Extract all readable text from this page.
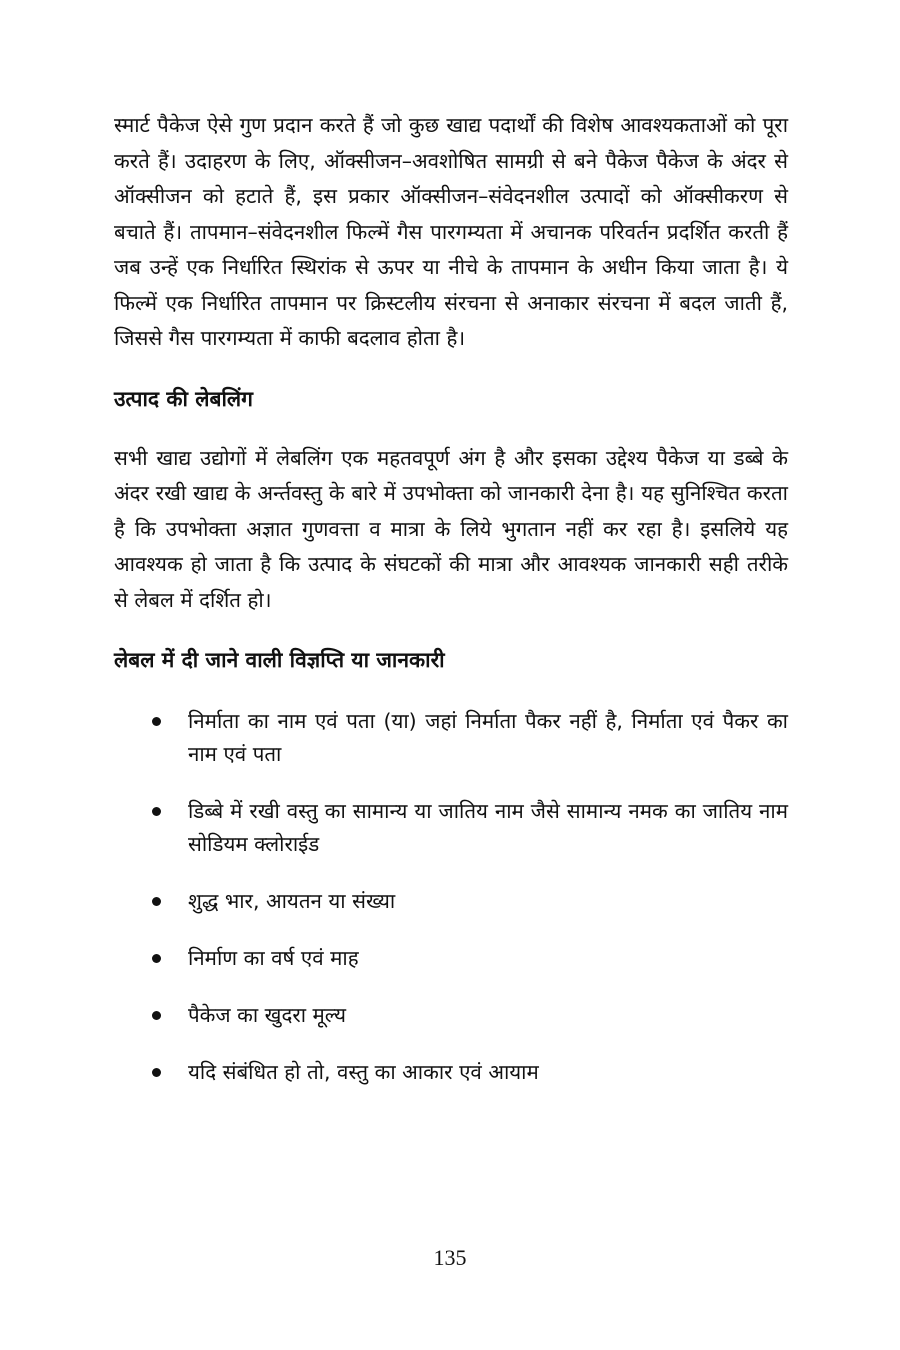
स्मार्ट पैकेज ऐसे गुण प्रदान करते हैं जो कुछ खाद्य पदार्थों की विशेष आवश्यकताओं को पूरा करते हैं। उदाहरण के लिए, ऑक्सीजन–अवशोषित सामग्री से बने पैकेज पैकेज के अंदर से ऑक्सीजन को हटाते हैं, इस प्रकार ऑक्सीजन–संवेदनशील उत्पादों को ऑक्सीकरण से बचाते हैं। तापमान–संवेदनशील फिल्में गैस पारगम्यता में अचानक परिवर्तन प्रदर्शित करती हैं जब उन्हें एक निर्धारित स्थिरांक से ऊपर या नीचे के तापमान के अधीन किया जाता है। ये फिल्में एक निर्धारित तापमान पर क्रिस्टलीय संरचना से अनाकार संरचना में बदल जाती हैं, जिससे गैस पारगम्यता में काफी बदलाव होता है।

उत्पाद की लेबलिंग

सभी खाद्य उद्योगों में लेबलिंग एक महतवपूर्ण अंग है और इसका उद्देश्य पैकेज या डब्बे के अंदर रखी खाद्य के अर्न्तवस्तु के बारे में उपभोक्ता को जानकारी देना है। यह सुनिश्चित करता है कि उपभोक्ता अज्ञात गुणवत्ता व मात्रा के लिये भुगतान नहीं कर रहा है। इसलिये यह आवश्यक हो जाता है कि उत्पाद के संघटकों की मात्रा और आवश्यक जानकारी सही तरीके से लेबल में दर्शित हो।

लेबल में दी जाने वाली विज्ञप्ति या जानकारी
निर्माता का नाम एवं पता (या) जहां निर्माता पैकर नहीं है, निर्माता एवं पैकर का नाम एवं पता
डिब्बे में रखी वस्तु का सामान्य या जातिय नाम जैसे सामान्य नमक का जातिय नाम सोडियम क्लोराईड
शुद्ध भार, आयतन या संख्या
निर्माण का वर्ष एवं माह
पैकेज का खुदरा मूल्य
यदि संबंधित हो तो, वस्तु का आकार एवं आयाम
135
